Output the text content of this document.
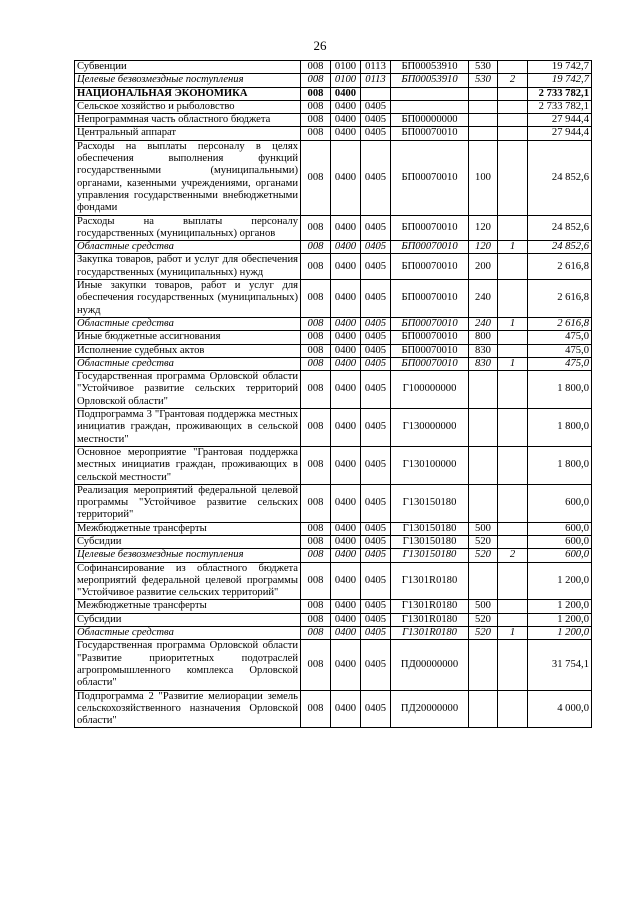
26
Субвенции	008	0100	0113	БП00053910	530		19 742,7
Целевые безвозмездные поступления	008	0100	0113	БП00053910	530	2	19 742,7
НАЦИОНАЛЬНАЯ ЭКОНОМИКА	008	0400					2 733 782,1
Сельское хозяйство и рыболовство	008	0400	0405				2 733 782,1
Непрограммная часть областного бюджета	008	0400	0405	БП00000000			27 944,4
Центральный аппарат	008	0400	0405	БП00070010			27 944,4
Расходы на выплаты персоналу в целях обеспечения выполнения функций государственными (муниципальными) органами, казенными учреждениями, органами управления государственными внебюджетными фондами	008	0400	0405	БП00070010	100		24 852,6
Расходы на выплаты персоналу государственных (муниципальных) органов	008	0400	0405	БП00070010	120		24 852,6
Областные средства	008	0400	0405	БП00070010	120	1	24 852,6
Закупка товаров, работ и услуг для обеспечения государственных (муниципальных) нужд	008	0400	0405	БП00070010	200		2 616,8
Иные закупки товаров, работ и услуг для обеспечения государственных (муниципальных) нужд	008	0400	0405	БП00070010	240		2 616,8
Областные средства	008	0400	0405	БП00070010	240	1	2 616,8
Иные бюджетные ассигнования	008	0400	0405	БП00070010	800		475,0
Исполнение судебных актов	008	0400	0405	БП00070010	830		475,0
Областные средства	008	0400	0405	БП00070010	830	1	475,0
Государственная программа Орловской области "Устойчивое развитие сельских территорий Орловской области"	008	0400	0405	Г100000000			1 800,0
Подпрограмма 3 "Грантовая поддержка местных инициатив граждан, проживающих в сельской местности"	008	0400	0405	Г130000000			1 800,0
Основное мероприятие "Грантовая поддержка местных инициатив граждан, проживающих в сельской местности"	008	0400	0405	Г130100000			1 800,0
Реализация мероприятий федеральной целевой программы "Устойчивое развитие сельских территорий"	008	0400	0405	Г130150180			600,0
Межбюджетные трансферты	008	0400	0405	Г130150180	500		600,0
Субсидии	008	0400	0405	Г130150180	520		600,0
Целевые безвозмездные поступления	008	0400	0405	Г130150180	520	2	600,0
Софинансирование из областного бюджета мероприятий федеральной целевой программы "Устойчивое развитие сельских территорий"	008	0400	0405	Г1301R0180			1 200,0
Межбюджетные трансферты	008	0400	0405	Г1301R0180	500		1 200,0
Субсидии	008	0400	0405	Г1301R0180	520		1 200,0
Областные средства	008	0400	0405	Г1301R0180	520	1	1 200,0
Государственная программа Орловской области "Развитие приоритетных подотраслей агропромышленного комплекса Орловской области"	008	0400	0405	ПД00000000			31 754,1
Подпрограмма 2 "Развитие мелиорации земель сельскохозяйственного назначения Орловской области"	008	0400	0405	ПД20000000			4 000,0
